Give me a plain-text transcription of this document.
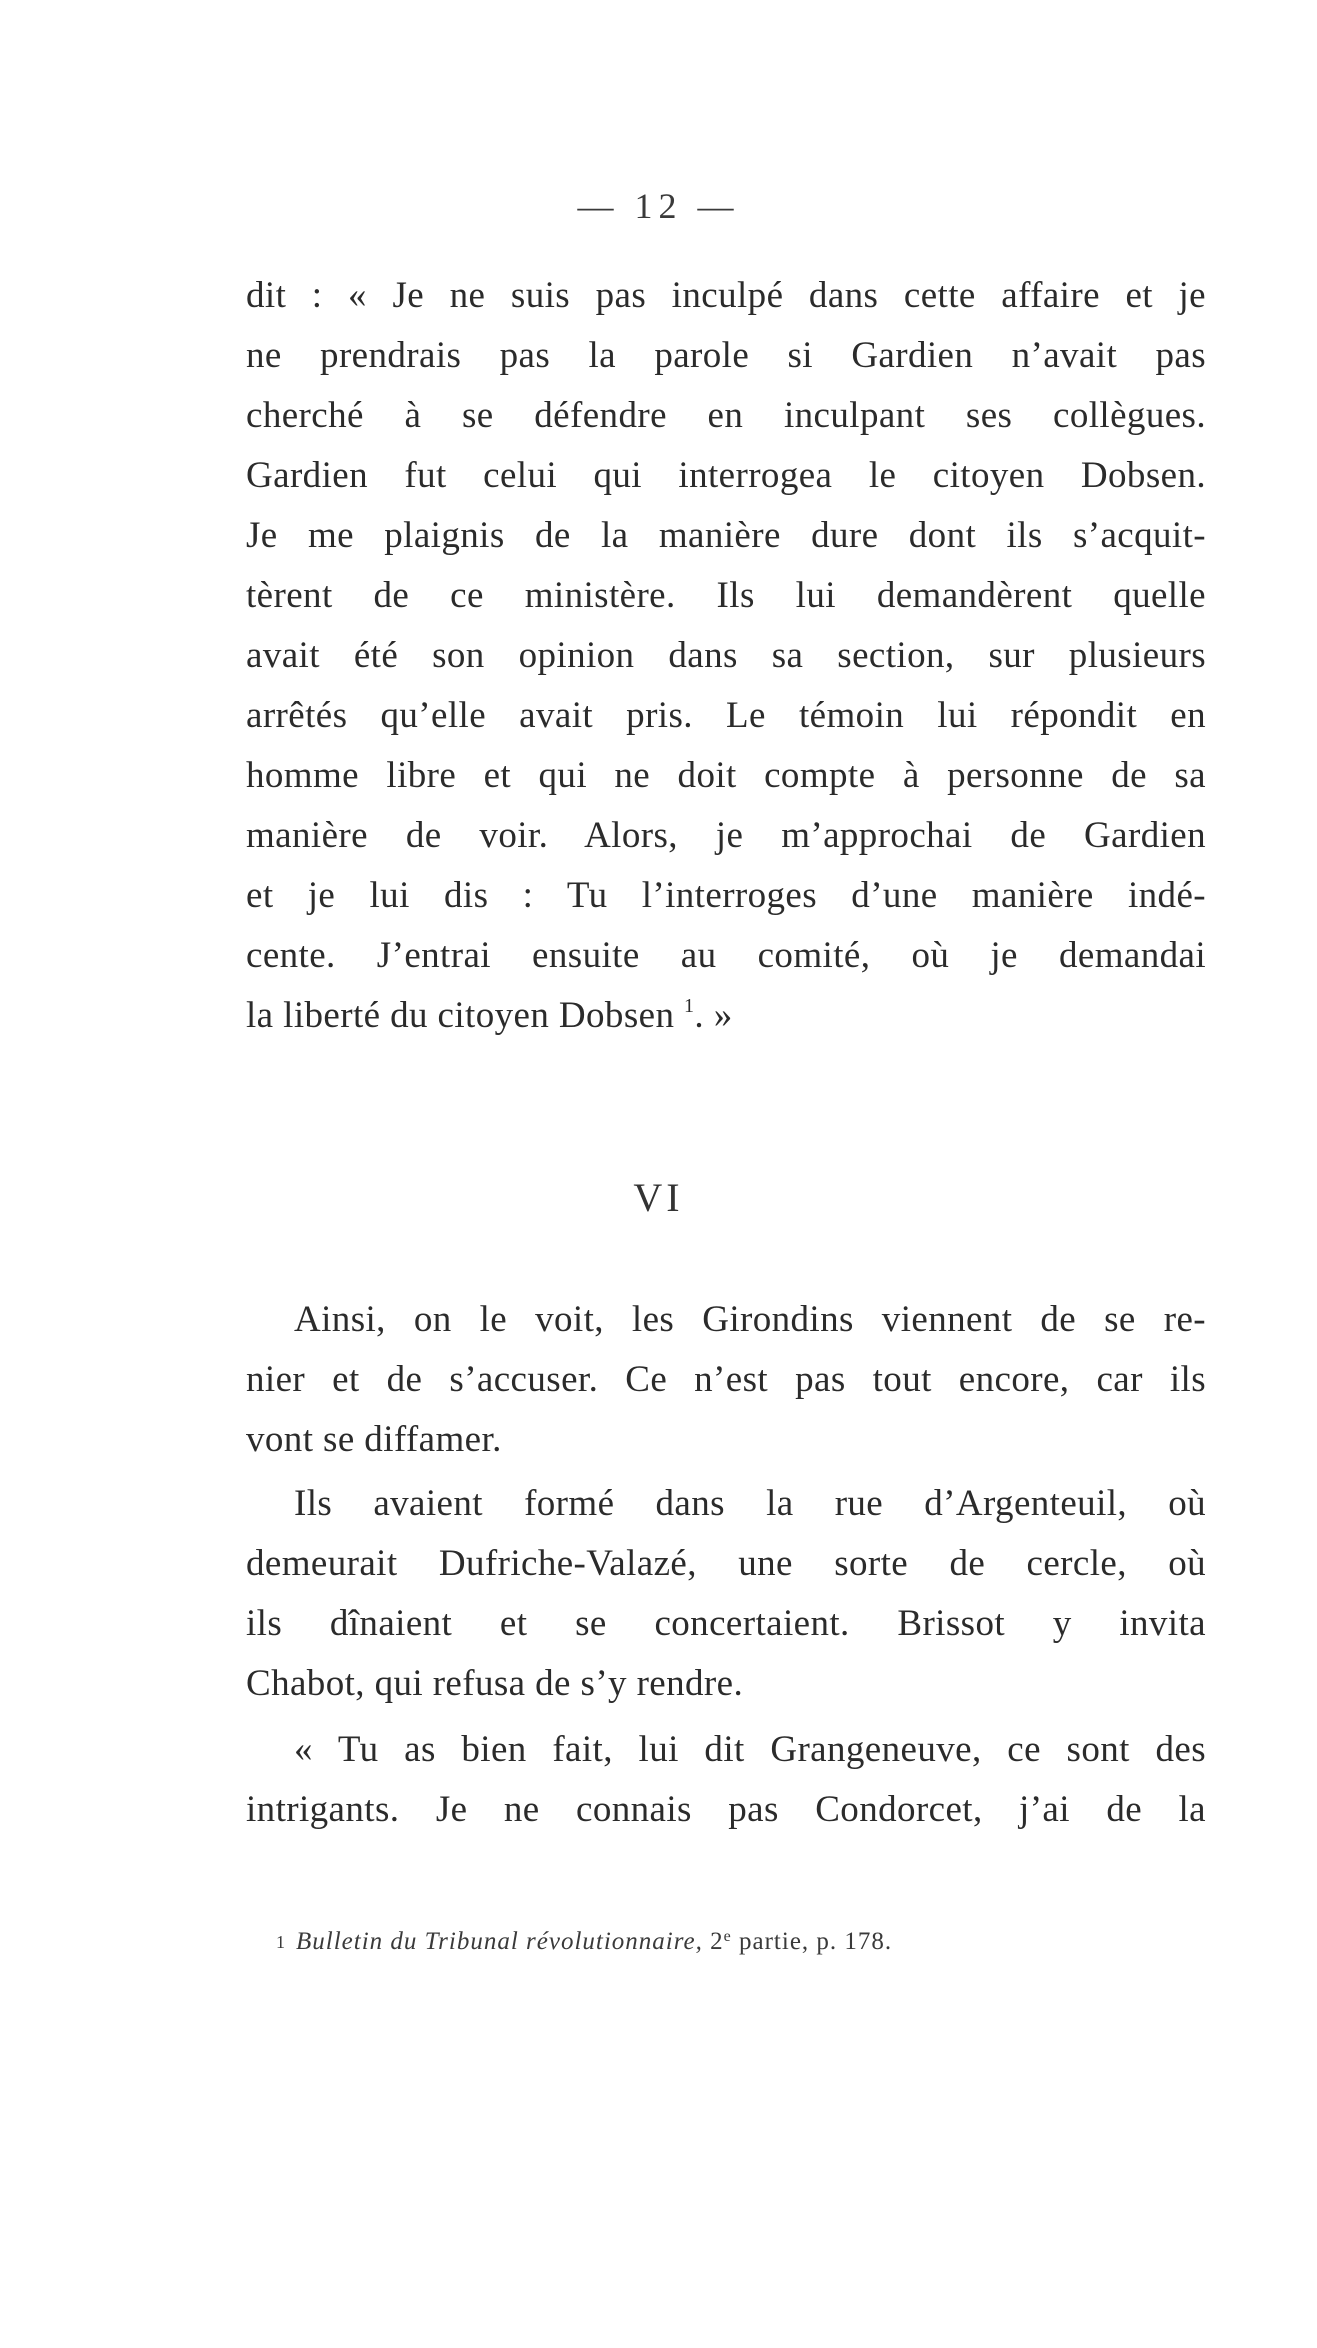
— 12 —
dit : « Je ne suis pas inculpé dans cette affaire et je
ne prendrais pas la parole si Gardien n’avait pas
cherché à se défendre en inculpant ses collègues.
Gardien fut celui qui interrogea le citoyen Dobsen.
Je me plaignis de la manière dure dont ils s’acquit-
tèrent de ce ministère. Ils lui demandèrent quelle
avait été son opinion dans sa section, sur plusieurs
arrêtés qu’elle avait pris. Le témoin lui répondit en
homme libre et qui ne doit compte à personne de sa
manière de voir. Alors, je m’approchai de Gardien
et je lui dis : Tu l’interroges d’une manière indé-
cente. J’entrai ensuite au comité, où je demandai
la liberté du citoyen Dobsen $^1$. »
VI
Ainsi, on le voit, les Girondins viennent de se re-
nier et de s’accuser. Ce n’est pas tout encore, car ils
vont se diffamer.
Ils avaient formé dans la rue d’Argenteuil, où
demeurait Dufriche-Valazé, une sorte de cercle, où
ils dînaient et se concertaient. Brissot y invita
Chabot, qui refusa de s’y rendre.
« Tu as bien fait, lui dit Grangeneuve, ce sont des
intrigants. Je ne connais pas Condorcet, j’ai de la
$^1$ Bulletin du Tribunal révolutionnaire, 2e partie, p. 178.
